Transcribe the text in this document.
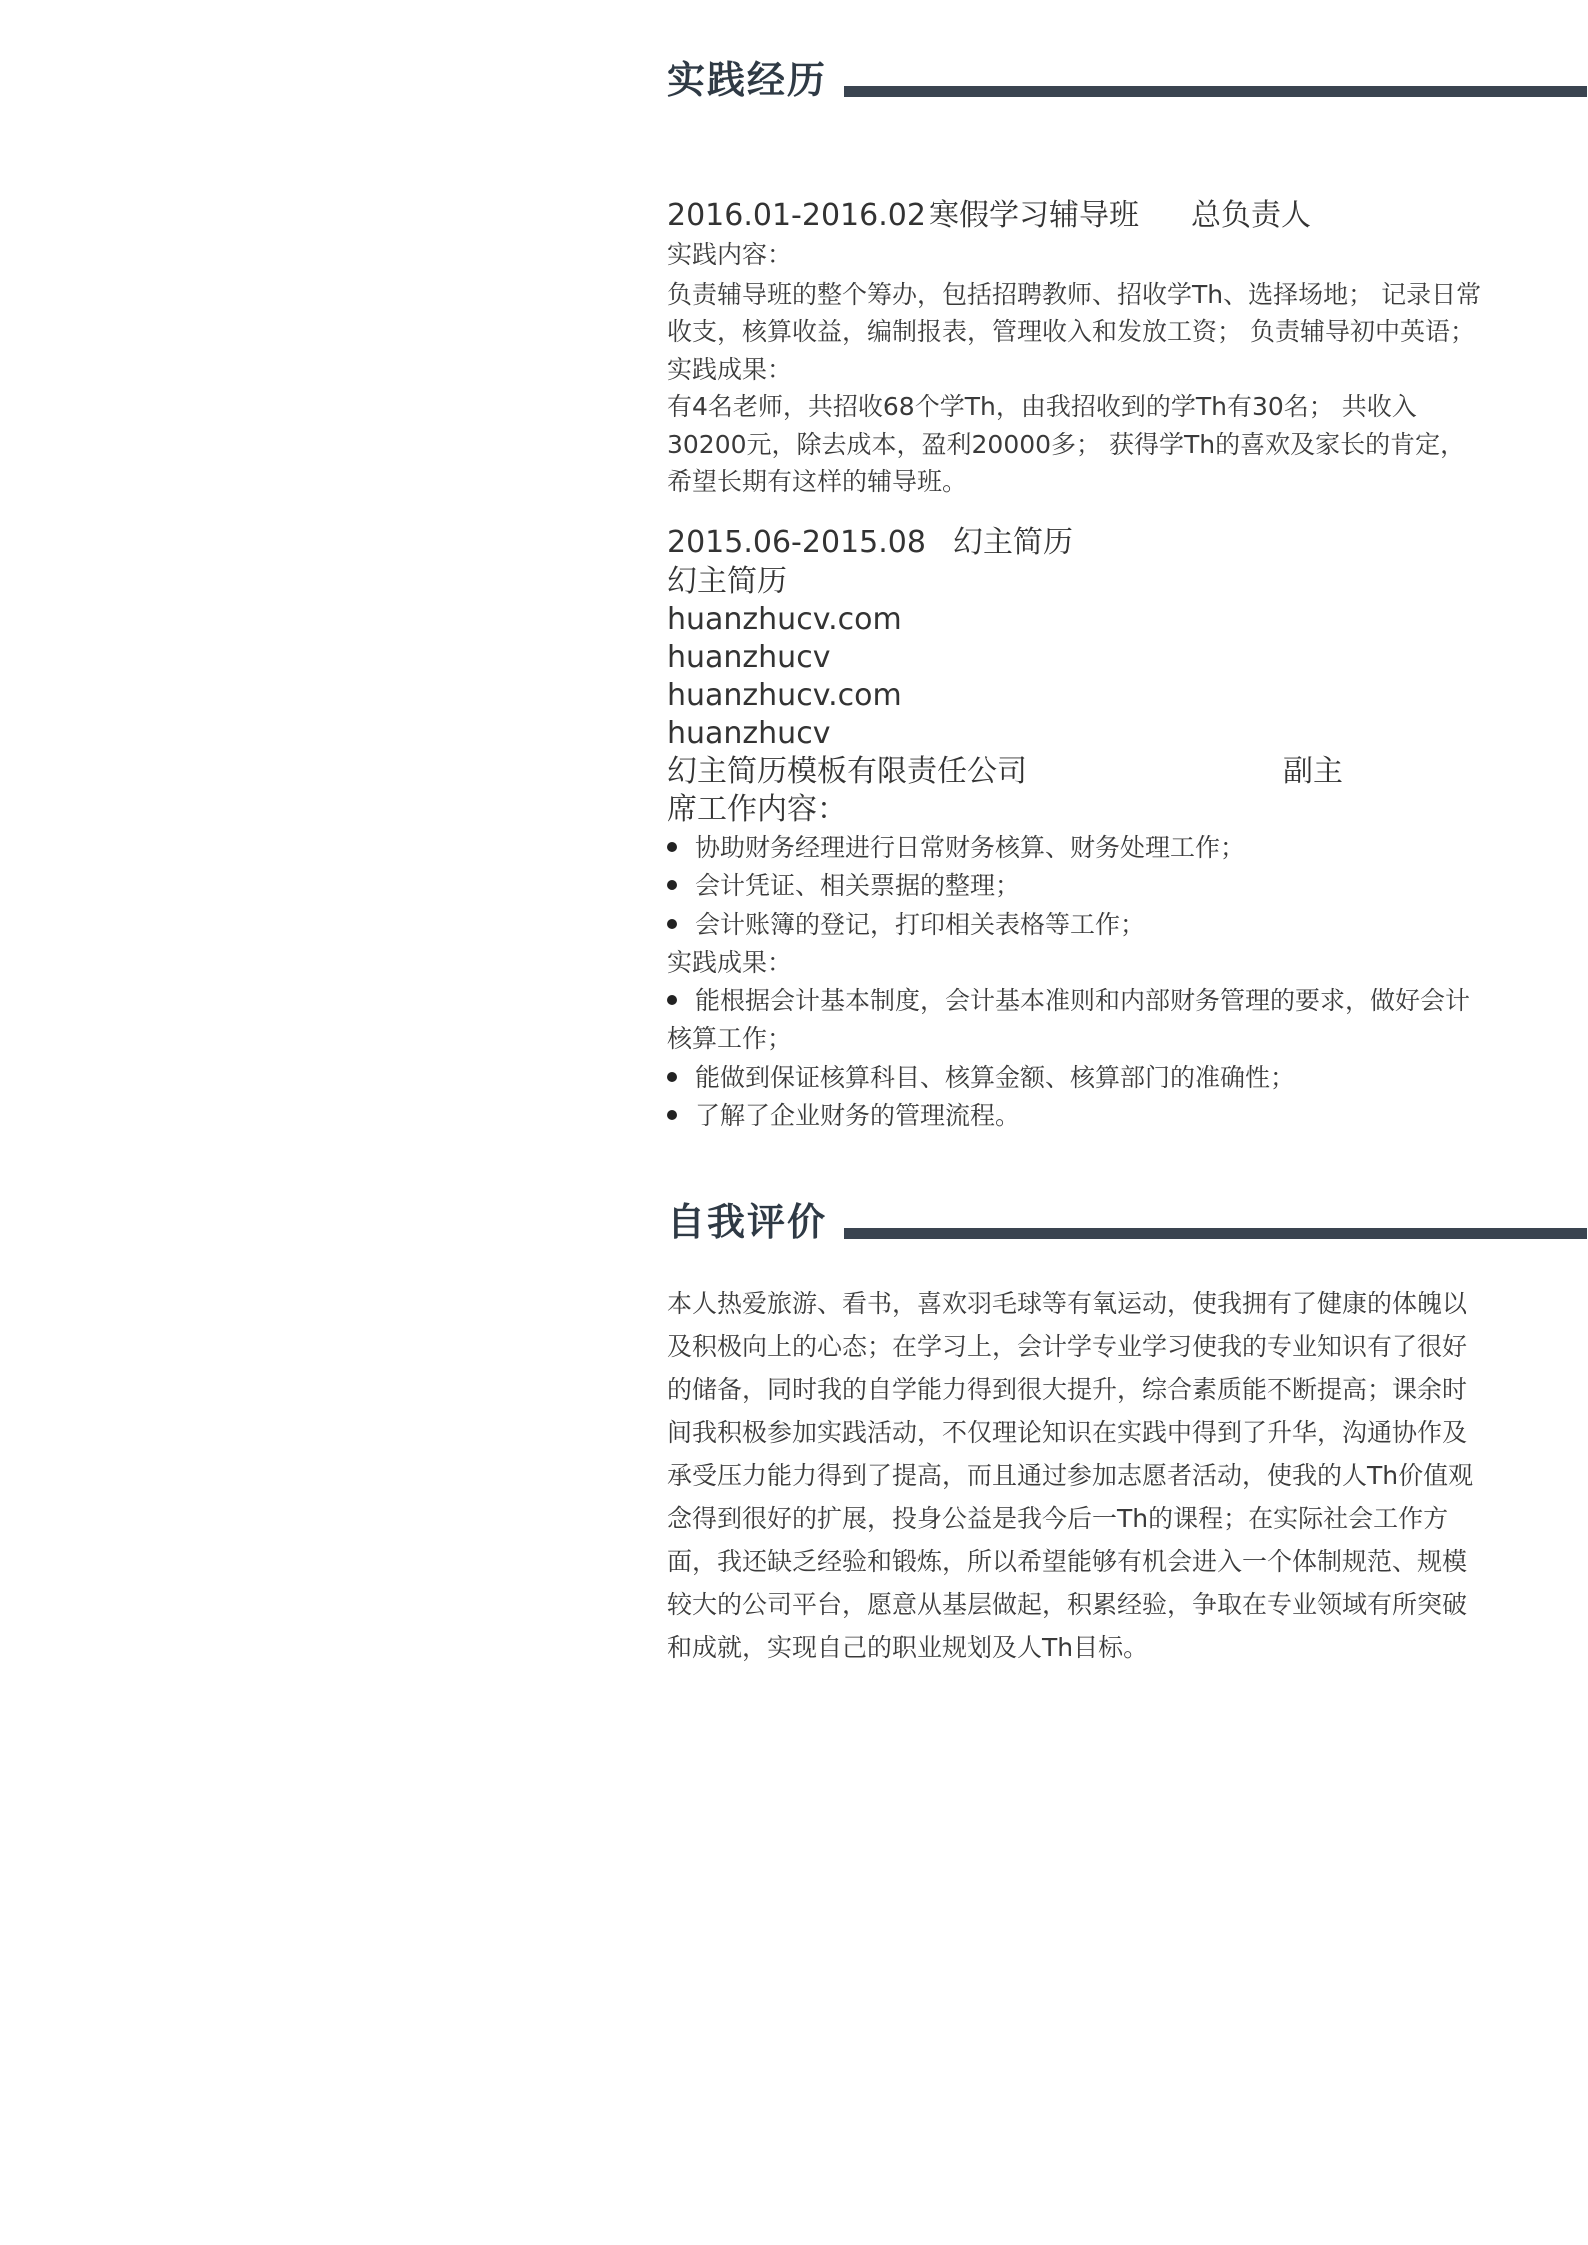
实践经历
2016.01-2016.02 寒假学习辅导班 总负责人
实践内容：
负责辅导班的整个筹办，包括招聘教师、招收学Th、选择场地； 记录日常收支，核算收益，编制报表，管理收入和发放工资； 负责辅导初中英语；
实践成果：
有4名老师，共招收68个学Th，由我招收到的学Th有30名； 共收入30200元，除去成本，盈利20000多； 获得学Th的喜欢及家长的肯定，希望长期有这样的辅导班。
2015.06-2015.08 幻主简历
幻主简历
huanzhucv.com
huanzhucv
huanzhucv.com
huanzhucv
幻主简历模板有限责任公司	副主
席工作内容：
协助财务经理进行日常财务核算、财务处理工作；
会计凭证、相关票据的整理；
会计账簿的登记，打印相关表格等工作；
实践成果：
能根据会计基本制度，会计基本准则和内部财务管理的要求，做好会计核算工作；
能做到保证核算科目、核算金额、核算部门的准确性；
了解了企业财务的管理流程。
自我评价
本人热爱旅游、看书，喜欢羽毛球等有氧运动，使我拥有了健康的体魄以及积极向上的心态；在学习上，会计学专业学习使我的专业知识有了很好的储备，同时我的自学能力得到很大提升，综合素质能不断提高；课余时间我积极参加实践活动，不仅理论知识在实践中得到了升华，沟通协作及承受压力能力得到了提高，而且通过参加志愿者活动，使我的人Th价值观念得到很好的扩展，投身公益是我今后一Th的课程；在实际社会工作方面，我还缺乏经验和锻炼，所以希望能够有机会进入一个体制规范、规模较大的公司平台，愿意从基层做起，积累经验，争取在专业领域有所突破和成就，实现自己的职业规划及人Th目标。
